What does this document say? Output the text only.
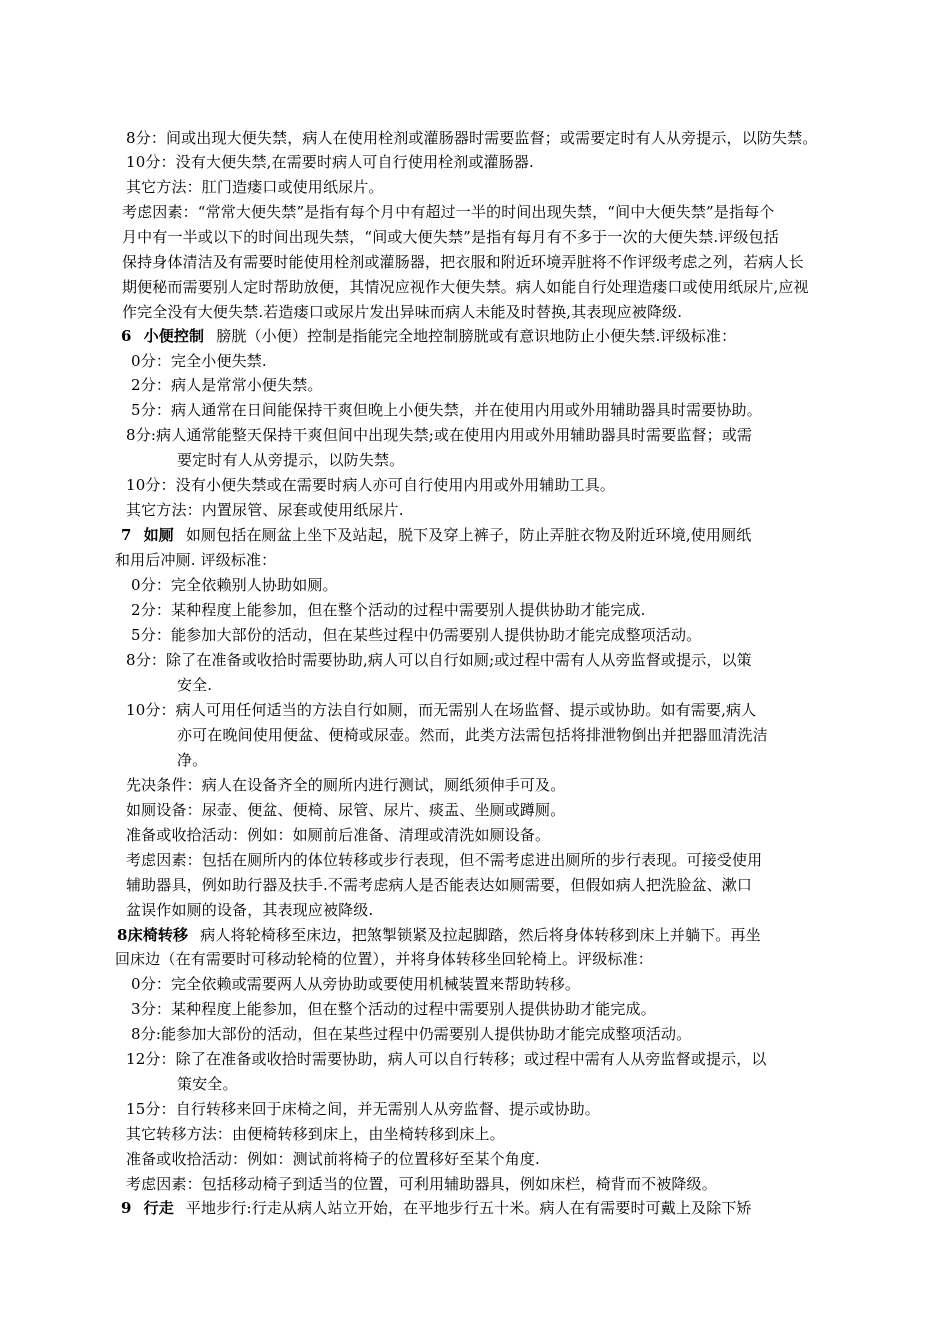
8分：间或出现大便失禁，病人在使用栓剂或灌肠器时需要监督；或需要定时有人从旁提示，以防失禁。
10分：没有大便失禁,在需要时病人可自行使用栓剂或灌肠器.
其它方法：肛门造瘘口或使用纸尿片。
考虑因素：“常常大便失禁”是指有每个月中有超过一半的时间出现失禁，“间中大便失禁”是指每个
月中有一半或以下的时间出现失禁，“间或大便失禁”是指有每月有不多于一次的大便失禁.评级包括
保持身体清洁及有需要时能使用栓剂或灌肠器，把衣服和附近环境弄脏将不作评级考虑之列，若病人长
期便秘而需要别人定时帮助放便，其情况应视作大便失禁。病人如能自行处理造瘘口或使用纸尿片,应视
作完全没有大便失禁.若造瘘口或尿片发出异味而病人未能及时替换,其表现应被降级.
6 小便控制 膀胱（小便）控制是指能完全地控制膀胱或有意识地防止小便失禁.评级标准：
0分：完全小便失禁.
2分：病人是常常小便失禁。
5分：病人通常在日间能保持干爽但晚上小便失禁，并在使用内用或外用辅助器具时需要协助。
8分:病人通常能整天保持干爽但间中出现失禁;或在使用内用或外用辅助器具时需要监督；或需
要定时有人从旁提示，以防失禁。
10分：没有小便失禁或在需要时病人亦可自行使用内用或外用辅助工具。
其它方法：内置尿管、尿套或使用纸尿片.
7 如厕 如厕包括在厕盆上坐下及站起，脱下及穿上裤子，防止弄脏衣物及附近环境,使用厕纸
和用后冲厕. 评级标准：
0分：完全依赖别人协助如厕。
2分：某种程度上能参加，但在整个活动的过程中需要别人提供协助才能完成.
5分：能参加大部份的活动，但在某些过程中仍需要别人提供协助才能完成整项活动。
8分：除了在准备或收拾时需要协助,病人可以自行如厕;或过程中需有人从旁监督或提示，以策
安全.
10分：病人可用任何适当的方法自行如厕，而无需别人在场监督、提示或协助。如有需要,病人
亦可在晚间使用便盆、便椅或尿壶。然而，此类方法需包括将排泄物倒出并把器皿清洗洁
净。
先决条件：病人在设备齐全的厕所内进行测试，厕纸须伸手可及。
如厕设备：尿壶、便盆、便椅、尿管、尿片、痰盂、坐厕或蹲厕。
准备或收拾活动：例如：如厕前后准备、清理或清洗如厕设备。
考虑因素：包括在厕所内的体位转移或步行表现，但不需考虑进出厕所的步行表现。可接受使用
辅助器具，例如助行器及扶手.不需考虑病人是否能表达如厕需要，但假如病人把洗脸盆、漱口
盆误作如厕的设备，其表现应被降级.
8床椅转移 病人将轮椅移至床边，把煞掣锁紧及拉起脚踏，然后将身体转移到床上并躺下。再坐
回床边（在有需要时可移动轮椅的位置），并将身体转移坐回轮椅上。评级标准：
0分：完全依赖或需要两人从旁协助或要使用机械装置来帮助转移。
3分：某种程度上能参加，但在整个活动的过程中需要别人提供协助才能完成。
8分:能参加大部份的活动，但在某些过程中仍需要别人提供协助才能完成整项活动。
12分：除了在准备或收拾时需要协助，病人可以自行转移；或过程中需有人从旁监督或提示，以
策安全。
15分：自行转移来回于床椅之间，并无需别人从旁监督、提示或协助。
其它转移方法：由便椅转移到床上，由坐椅转移到床上。
准备或收拾活动：例如：测试前将椅子的位置移好至某个角度.
考虑因素：包括移动椅子到适当的位置，可利用辅助器具，例如床栏，椅背而不被降级。
9 行走 平地步行:行走从病人站立开始，在平地步行五十米。病人在有需要时可戴上及除下矫
